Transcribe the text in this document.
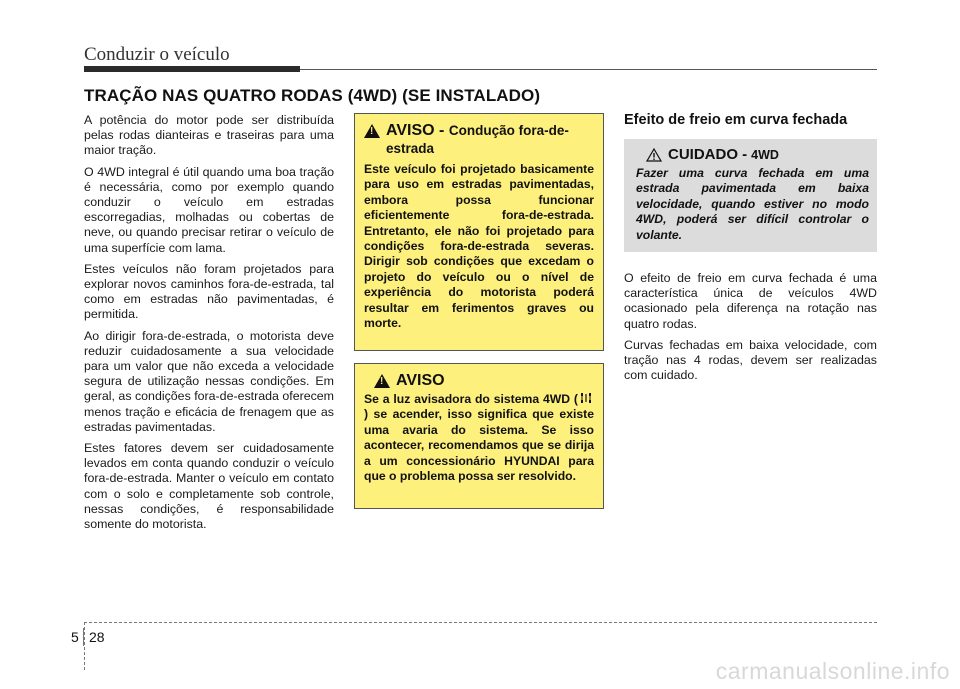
Conduzir o veículo
TRAÇÃO NAS QUATRO RODAS (4WD) (SE INSTALADO)

A potência do motor pode ser distribuída pelas rodas dianteiras e traseiras para uma maior tração.

O 4WD integral é útil quando uma boa tração é necessária, como por exemplo quando conduzir o veículo em estradas escorregadias, molhadas ou cobertas de neve, ou quando precisar retirar o veículo de uma superfície com lama.

Estes veículos não foram projetados para explorar novos caminhos fora-de-estrada, tal como em estradas não pavimentadas, é permitida.

Ao dirigir fora-de-estrada, o motorista deve reduzir cuidadosamente a sua velocidade para um valor que não exceda a velocidade segura de utilização nessas condições. Em geral, as condições fora-de-estrada oferecem menos tração e eficácia de frenagem que as estradas pavimentadas.

Estes fatores devem ser cuidadosamente levados em conta quando conduzir o veículo fora-de-estrada. Manter o veículo em contato com o solo e completamente sob controle, nessas condições, é responsabilidade somente do motorista.

!
AVISO - Condução fora-de-estrada
Este veículo foi projetado basicamente para uso em estradas pavimentadas, embora possa funcionar eficientemente fora-de-estrada. Entretanto, ele não foi projetado para condições fora-de-estrada severas. Dirigir sob condições que excedam o projeto do veículo ou o nível de experiência do motorista poderá resultar em ferimentos graves ou morte.
!
AVISO
Se a luz avisadora do sistema 4WD () se acender, isso significa que existe uma avaria do sistema. Se isso acontecer, recomendamos que se dirija a um concessionário HYUNDAI para que o problema possa ser resolvido.
Efeito de freio em curva fechada
CUIDADO - 4WD
Fazer uma curva fechada em uma estrada pavimentada em baixa velocidade, quando estiver no modo 4WD, poderá ser difícil controlar o volante.

O efeito de freio em curva fechada é uma característica única de veículos 4WD ocasionado pela diferença na rotação nas quatro rodas.

Curvas fechadas em baixa velocidade, com tração nas 4 rodas, devem ser realizadas com cuidado.

5 28
carmanualsonline.info
